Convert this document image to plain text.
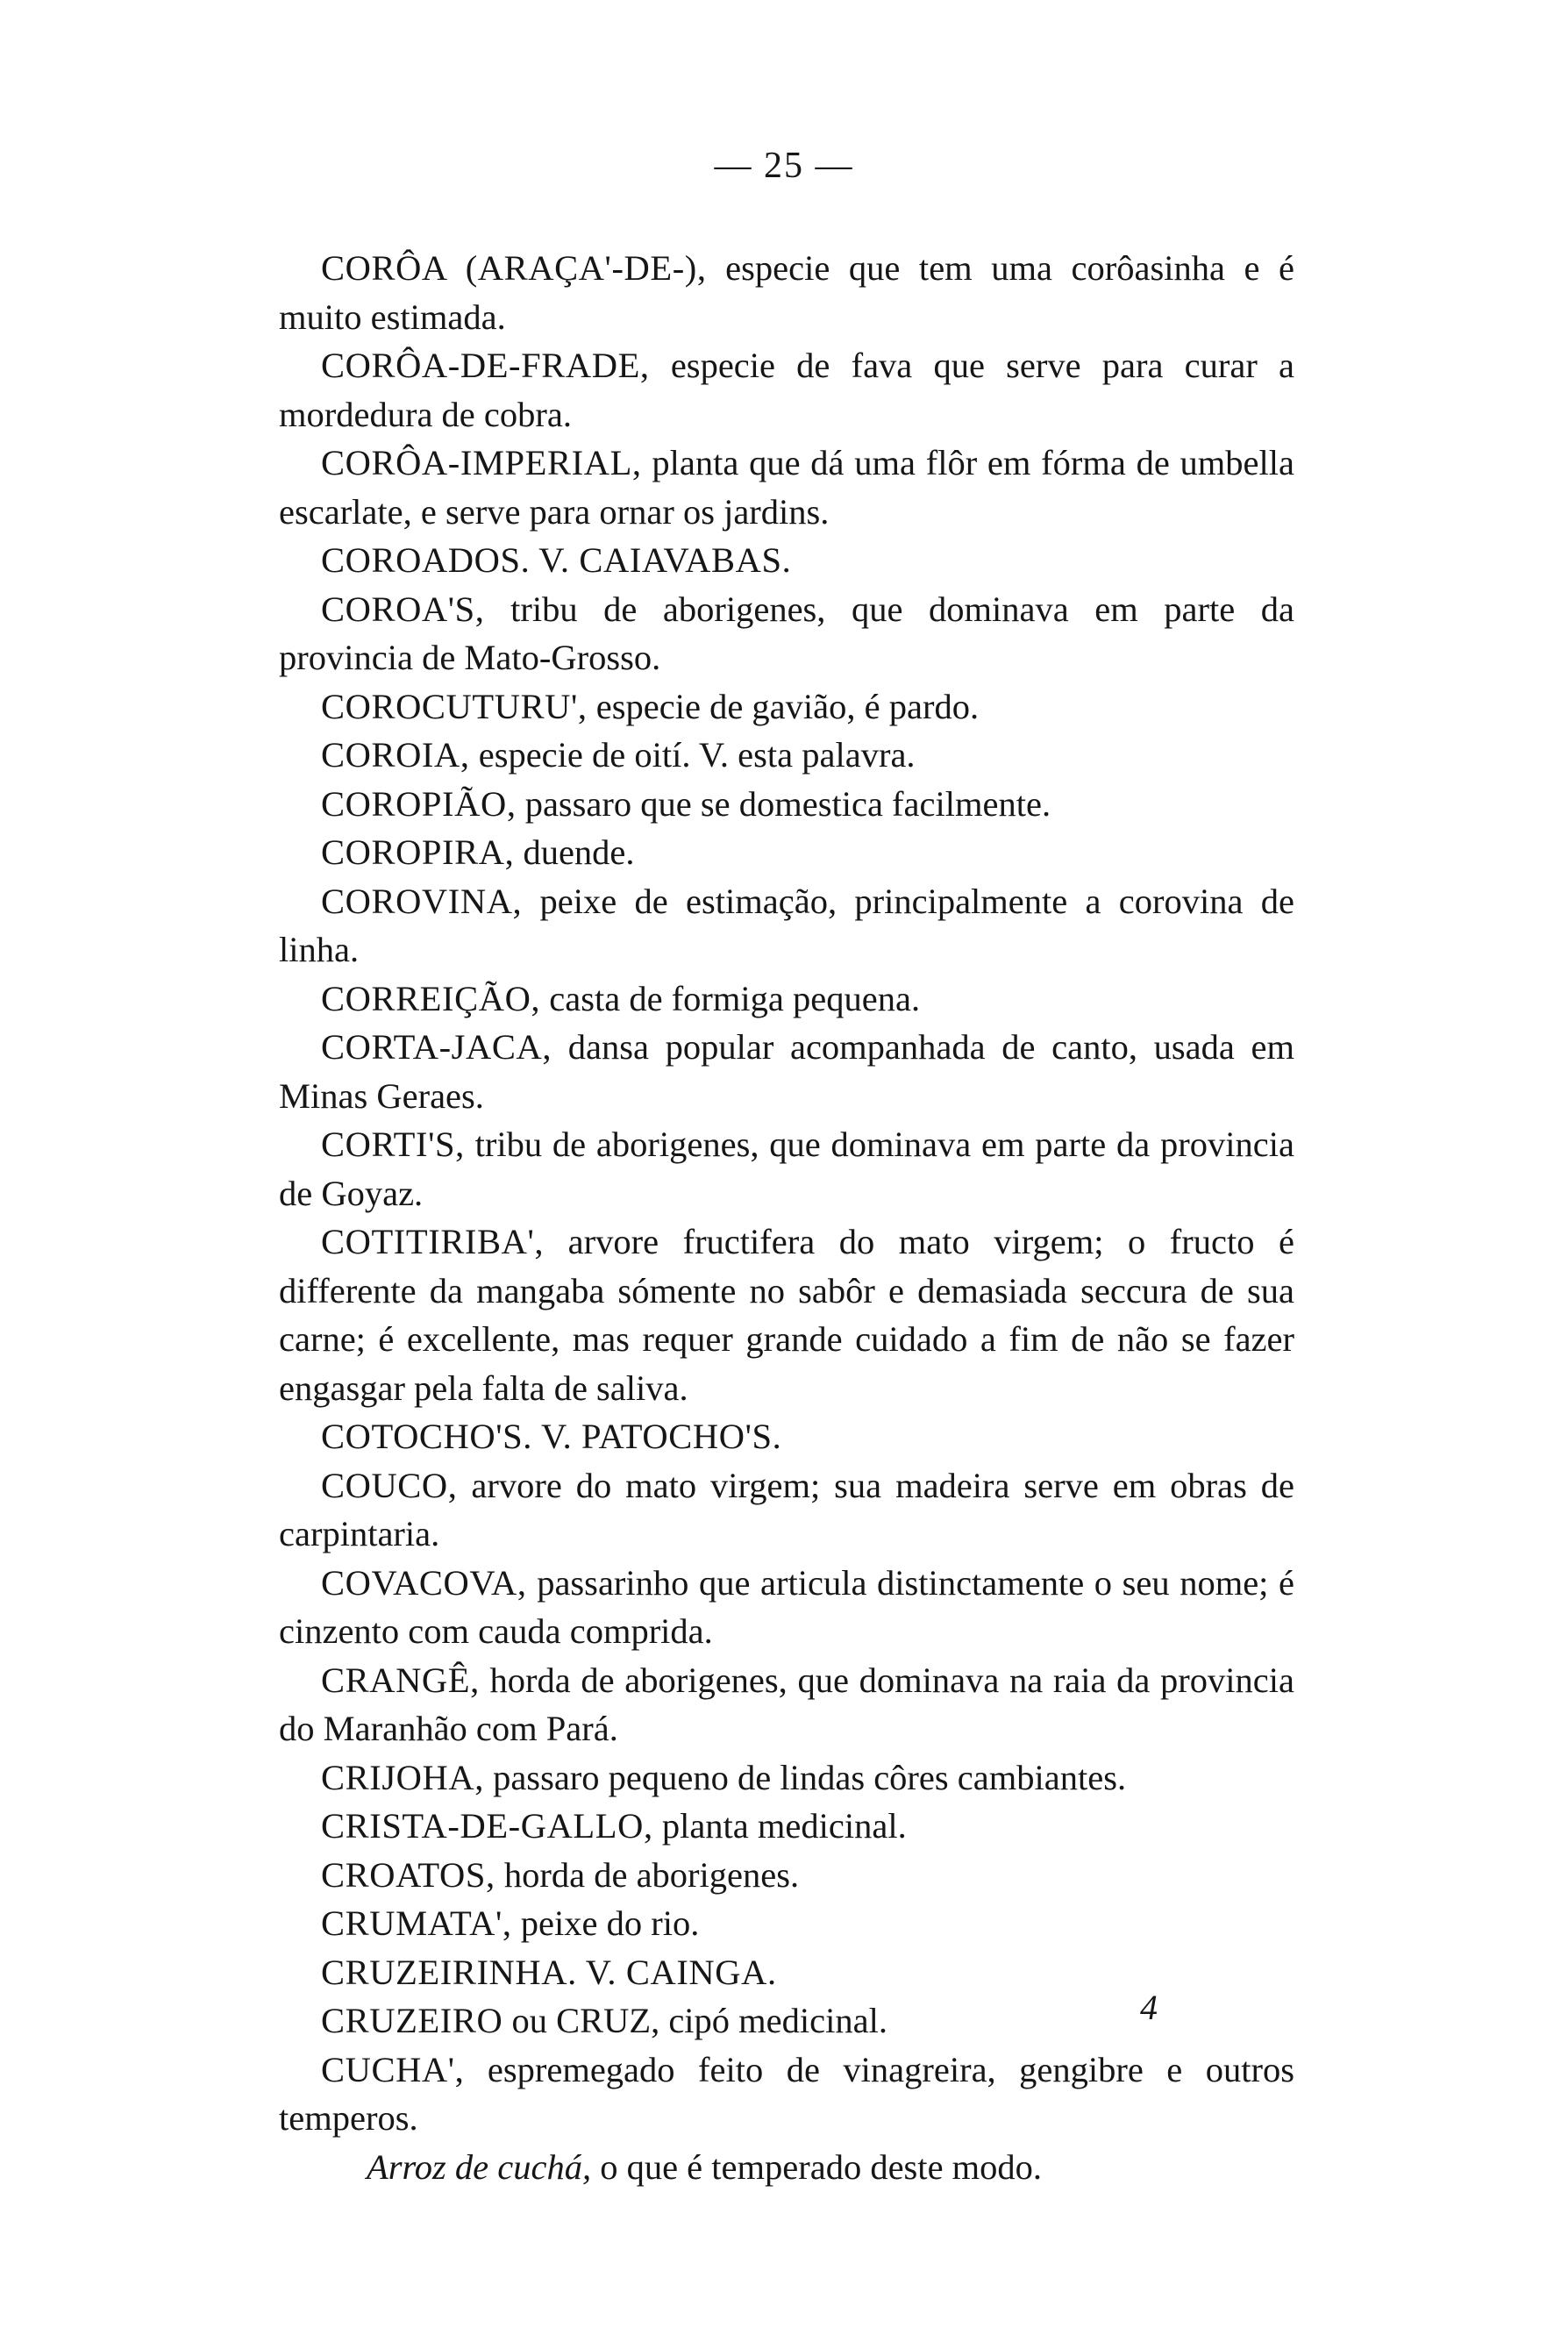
— 25 —

CORÔA (ARAÇA'-DE-), especie que tem uma corôasinha e é muito estimada.

CORÔA-DE-FRADE, especie de fava que serve para curar a mordedura de cobra.

CORÔA-IMPERIAL, planta que dá uma flôr em fórma de umbella escarlate, e serve para ornar os jardins.

COROADOS. V. CAIAVABAS.

COROA'S, tribu de aborigenes, que dominava em parte da provincia de Mato-Grosso.

COROCUTURU', especie de gavião, é pardo.

COROIA, especie de oití. V. esta palavra.

COROPIÃO, passaro que se domestica facilmente.

COROPIRA, duende.

COROVINA, peixe de estimação, principalmente a corovina de linha.

CORREIÇÃO, casta de formiga pequena.

CORTA-JACA, dansa popular acompanhada de canto, usada em Minas Geraes.

CORTI'S, tribu de aborigenes, que dominava em parte da provincia de Goyaz.

COTITIRIBA', arvore fructifera do mato virgem; o fructo é differente da mangaba sómente no sabôr e demasiada seccura de sua carne; é excellente, mas requer grande cuidado a fim de não se fazer engasgar pela falta de saliva.

COTOCHO'S. V. PATOCHO'S.

COUCO, arvore do mato virgem; sua madeira serve em obras de carpintaria.

COVACOVA, passarinho que articula distinctamente o seu nome; é cinzento com cauda comprida.

CRANGÊ, horda de aborigenes, que dominava na raia da provincia do Maranhão com Pará.

CRIJOHA, passaro pequeno de lindas côres cambiantes.

CRISTA-DE-GALLO, planta medicinal.

CROATOS, horda de aborigenes.

CRUMATA', peixe do rio.

CRUZEIRINHA. V. CAINGA.

CRUZEIRO ou CRUZ, cipó medicinal.

CUCHA', espremegado feito de vinagreira, gengibre e outros temperos.

Arroz de cuchá, o que é temperado deste modo.

4
